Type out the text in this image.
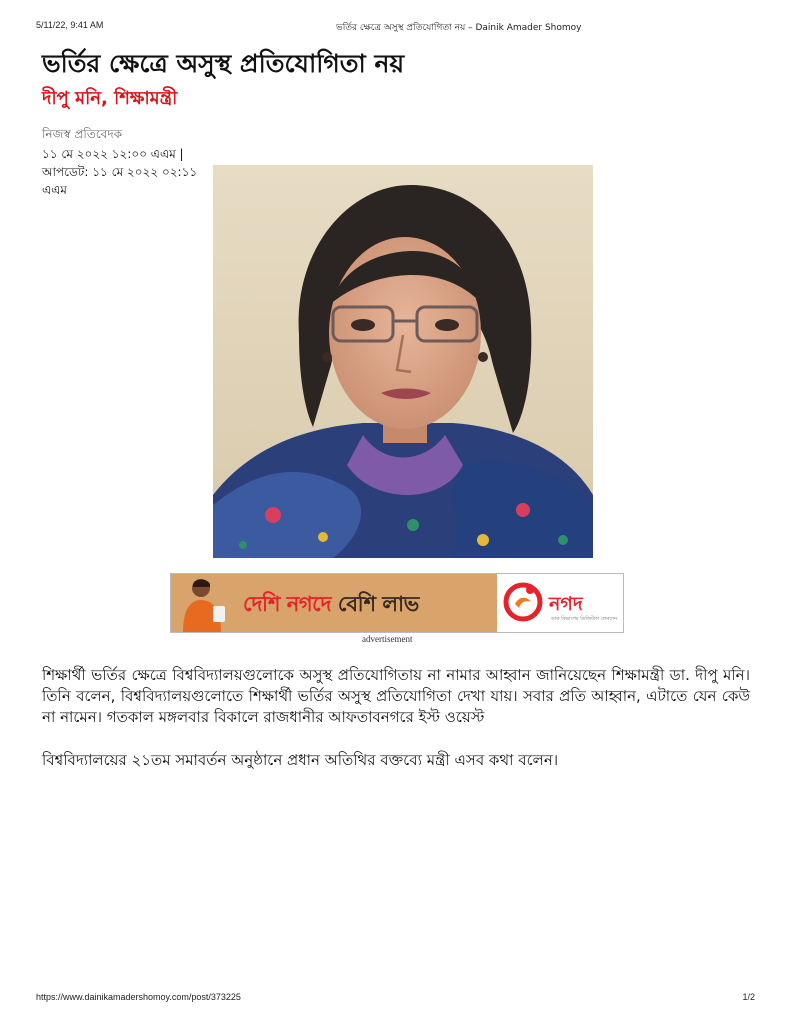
5/11/22, 9:41 AM	ভর্তির ক্ষেত্রে অসুস্থ প্রতিযোগিতা নয় – Dainik Amader Shomoy
ভর্তির ক্ষেত্রে অসুস্থ প্রতিযোগিতা নয়
দীপু মনি, শিক্ষামন্ত্রী
নিজস্ব প্রতিবেদক
১১ মে ২০২২ ১২:০০ এএম |
আপডেট: ১১ মে ২০২২ ০২:১১ এএম
দেশি নগদে বেশি লাভ	নগদ
ডাক বিভাগের ডিজিটাল লেনদেন
advertisement

শিক্ষার্থী ভর্তির ক্ষেত্রে বিশ্ববিদ্যালয়গুলোকে অসুস্থ প্রতিযোগিতায় না নামার আহ্বান জানিয়েছেন শিক্ষামন্ত্রী ডা. দীপু মনি। তিনি বলেন, বিশ্ববিদ্যালয়গুলোতে শিক্ষার্থী ভর্তির অসুস্থ প্রতিযোগিতা দেখা যায়। সবার প্রতি আহ্বান, এটাতে যেন কেউ না নামেন। গতকাল মঙ্গলবার বিকালে রাজধানীর আফতাবনগরে ইস্ট ওয়েস্ট

বিশ্ববিদ্যালয়ের ২১তম সমাবর্তন অনুষ্ঠানে প্রধান অতিথির বক্তব্যে মন্ত্রী এসব কথা বলেন।

https://www.dainikamadershomoy.com/post/373225	1/2
